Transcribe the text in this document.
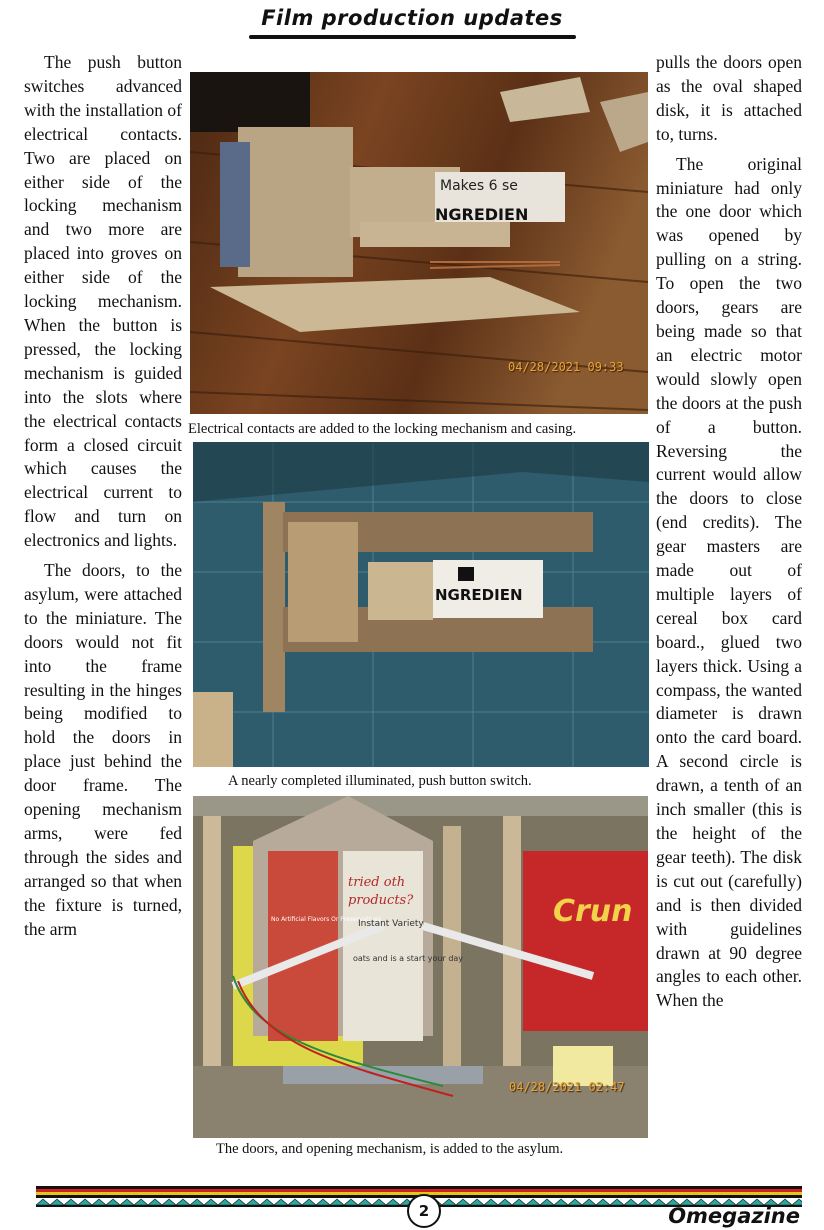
Film production updates

The push button switches advanced with the installation of electrical contacts. Two are placed on either side of the locking mechanism and two more are placed into groves on either side of the locking mechanism. When the button is pressed, the locking mechanism is guided into the slots where the electrical contacts form a closed circuit which causes the electrical current to flow and turn on electronics and lights.

The doors, to the asylum, were attached to the miniature. The doors would not fit into the frame resulting in the hinges being modified to hold the doors in place just behind the door frame. The opening mechanism arms, were fed through the sides and arranged so that when the fixture is turned, the arm

pulls the doors open as the oval shaped disk, it is attached to, turns.

The original miniature had only the one door which was opened by pulling on a string. To open the two doors, gears are being made so that an electric motor would slowly open the doors at the push of a button. Reversing the current would allow the doors to close (end credits). The gear masters are made out of multiple layers of cereal box card board., glued two layers thick. Using a compass, the wanted diameter is drawn onto the card board. A second circle is drawn, a tenth of an inch smaller (this is the height of the gear teeth). The disk is cut out (carefully) and is then divided with guidelines drawn at 90 degree angles to each other. When the

Makes 6 se
NGREDIEN
04/28/2021 09:33
Electrical contacts are added to the locking mechanism and casing.
NGREDIEN
A nearly completed illuminated, push button switch.
tried oth
products?
No Artificial Flavors Or Preservatives
Instant Variety
oats and is a start your day
Crun
04/28/2021 02:47
The doors, and opening mechanism, is added to the asylum.
2	Omegazine
